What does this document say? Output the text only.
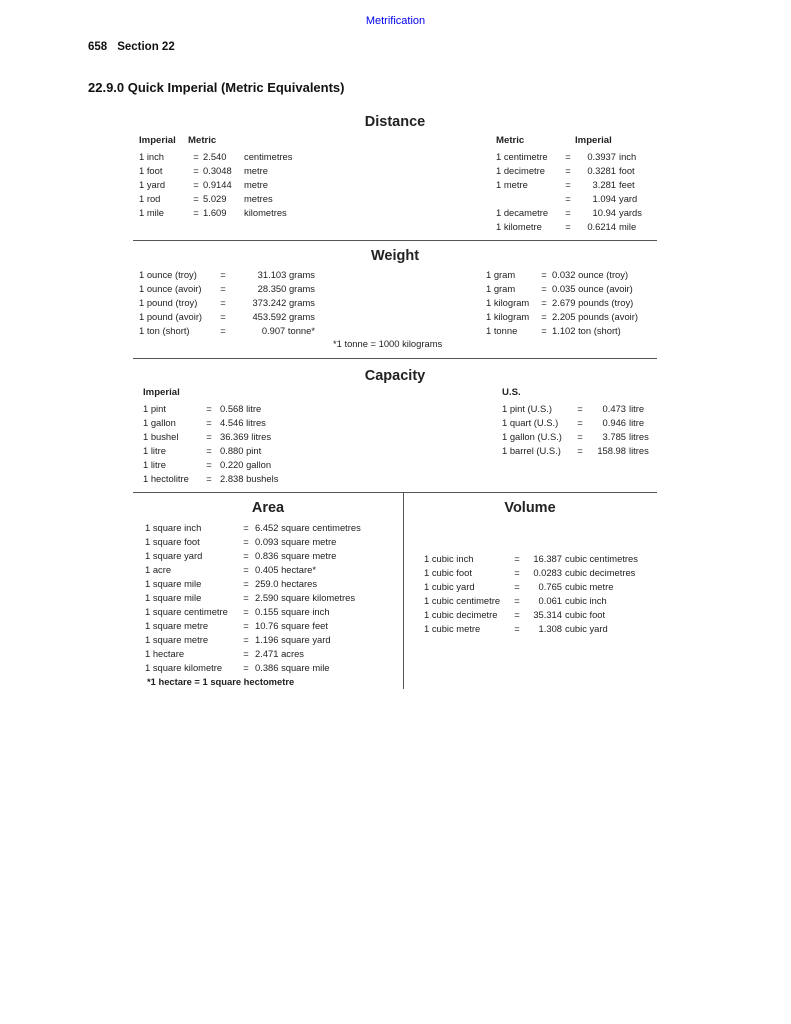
Metrification
658 Section 22
22.9.0 Quick Imperial (Metric Equivalents)
Distance
Imperial Metric
1 inch	=	2.540	centimetres
1 foot	=	0.3048	metre
1 yard	=	0.9144	metre
1 rod	=	5.029	metres
1 mile	=	1.609	kilometres
Metric	Imperial
1 centimetre	=	0.3937	inch
1 decimetre	=	0.3281	foot
1 metre	=	3.281	feet
	=	1.094	yard
1 decametre	=	10.94	yards
1 kilometre	=	0.6214	mile
Weight
1 ounce (troy)	=	31.103 grams
1 ounce (avoir)	=	28.350 grams
1 pound (troy)	=	373.242 grams
1 pound (avoir)	=	453.592 grams
1 ton (short)	=	0.907 tonne*
1 gram	=	0.032 ounce (troy)
1 gram	=	0.035 ounce (avoir)
1 kilogram	=	2.679 pounds (troy)
1 kilogram	=	2.205 pounds (avoir)
1 tonne	=	1.102 ton (short)
*1 tonne = 1000 kilograms
Capacity
Imperial
1 pint	=	0.568 litre
1 gallon	=	4.546 litres
1 bushel	=	36.369 litres
1 litre	=	0.880 pint
1 litre	=	0.220 gallon
1 hectolitre	=	2.838 bushels
U.S.
1 pint (U.S.)	=	0.473	litre
1 quart (U.S.)	=	0.946	litre
1 gallon (U.S.)	=	3.785	litres
1 barrel (U.S.)	=	158.98	litres
Area
1 square inch	=	6.452 square centimetres
1 square foot	=	0.093 square metre
1 square yard	=	0.836 square metre
1 acre	=	0.405 hectare*
1 square mile	=	259.0 hectares
1 square mile	=	2.590 square kilometres
1 square centimetre	=	0.155 square inch
1 square metre	=	10.76 square feet
1 square metre	=	1.196 square yard
1 hectare	=	2.471 acres
1 square kilometre	=	0.386 square mile
*1 hectare = 1 square hectometre
Volume
1 cubic inch	=	16.387	cubic centimetres
1 cubic foot	=	0.0283	cubic decimetres
1 cubic yard	=	0.765	cubic metre
1 cubic centimetre	=	0.061	cubic inch
1 cubic decimetre	=	35.314	cubic foot
1 cubic metre	=	1.308	cubic yard
